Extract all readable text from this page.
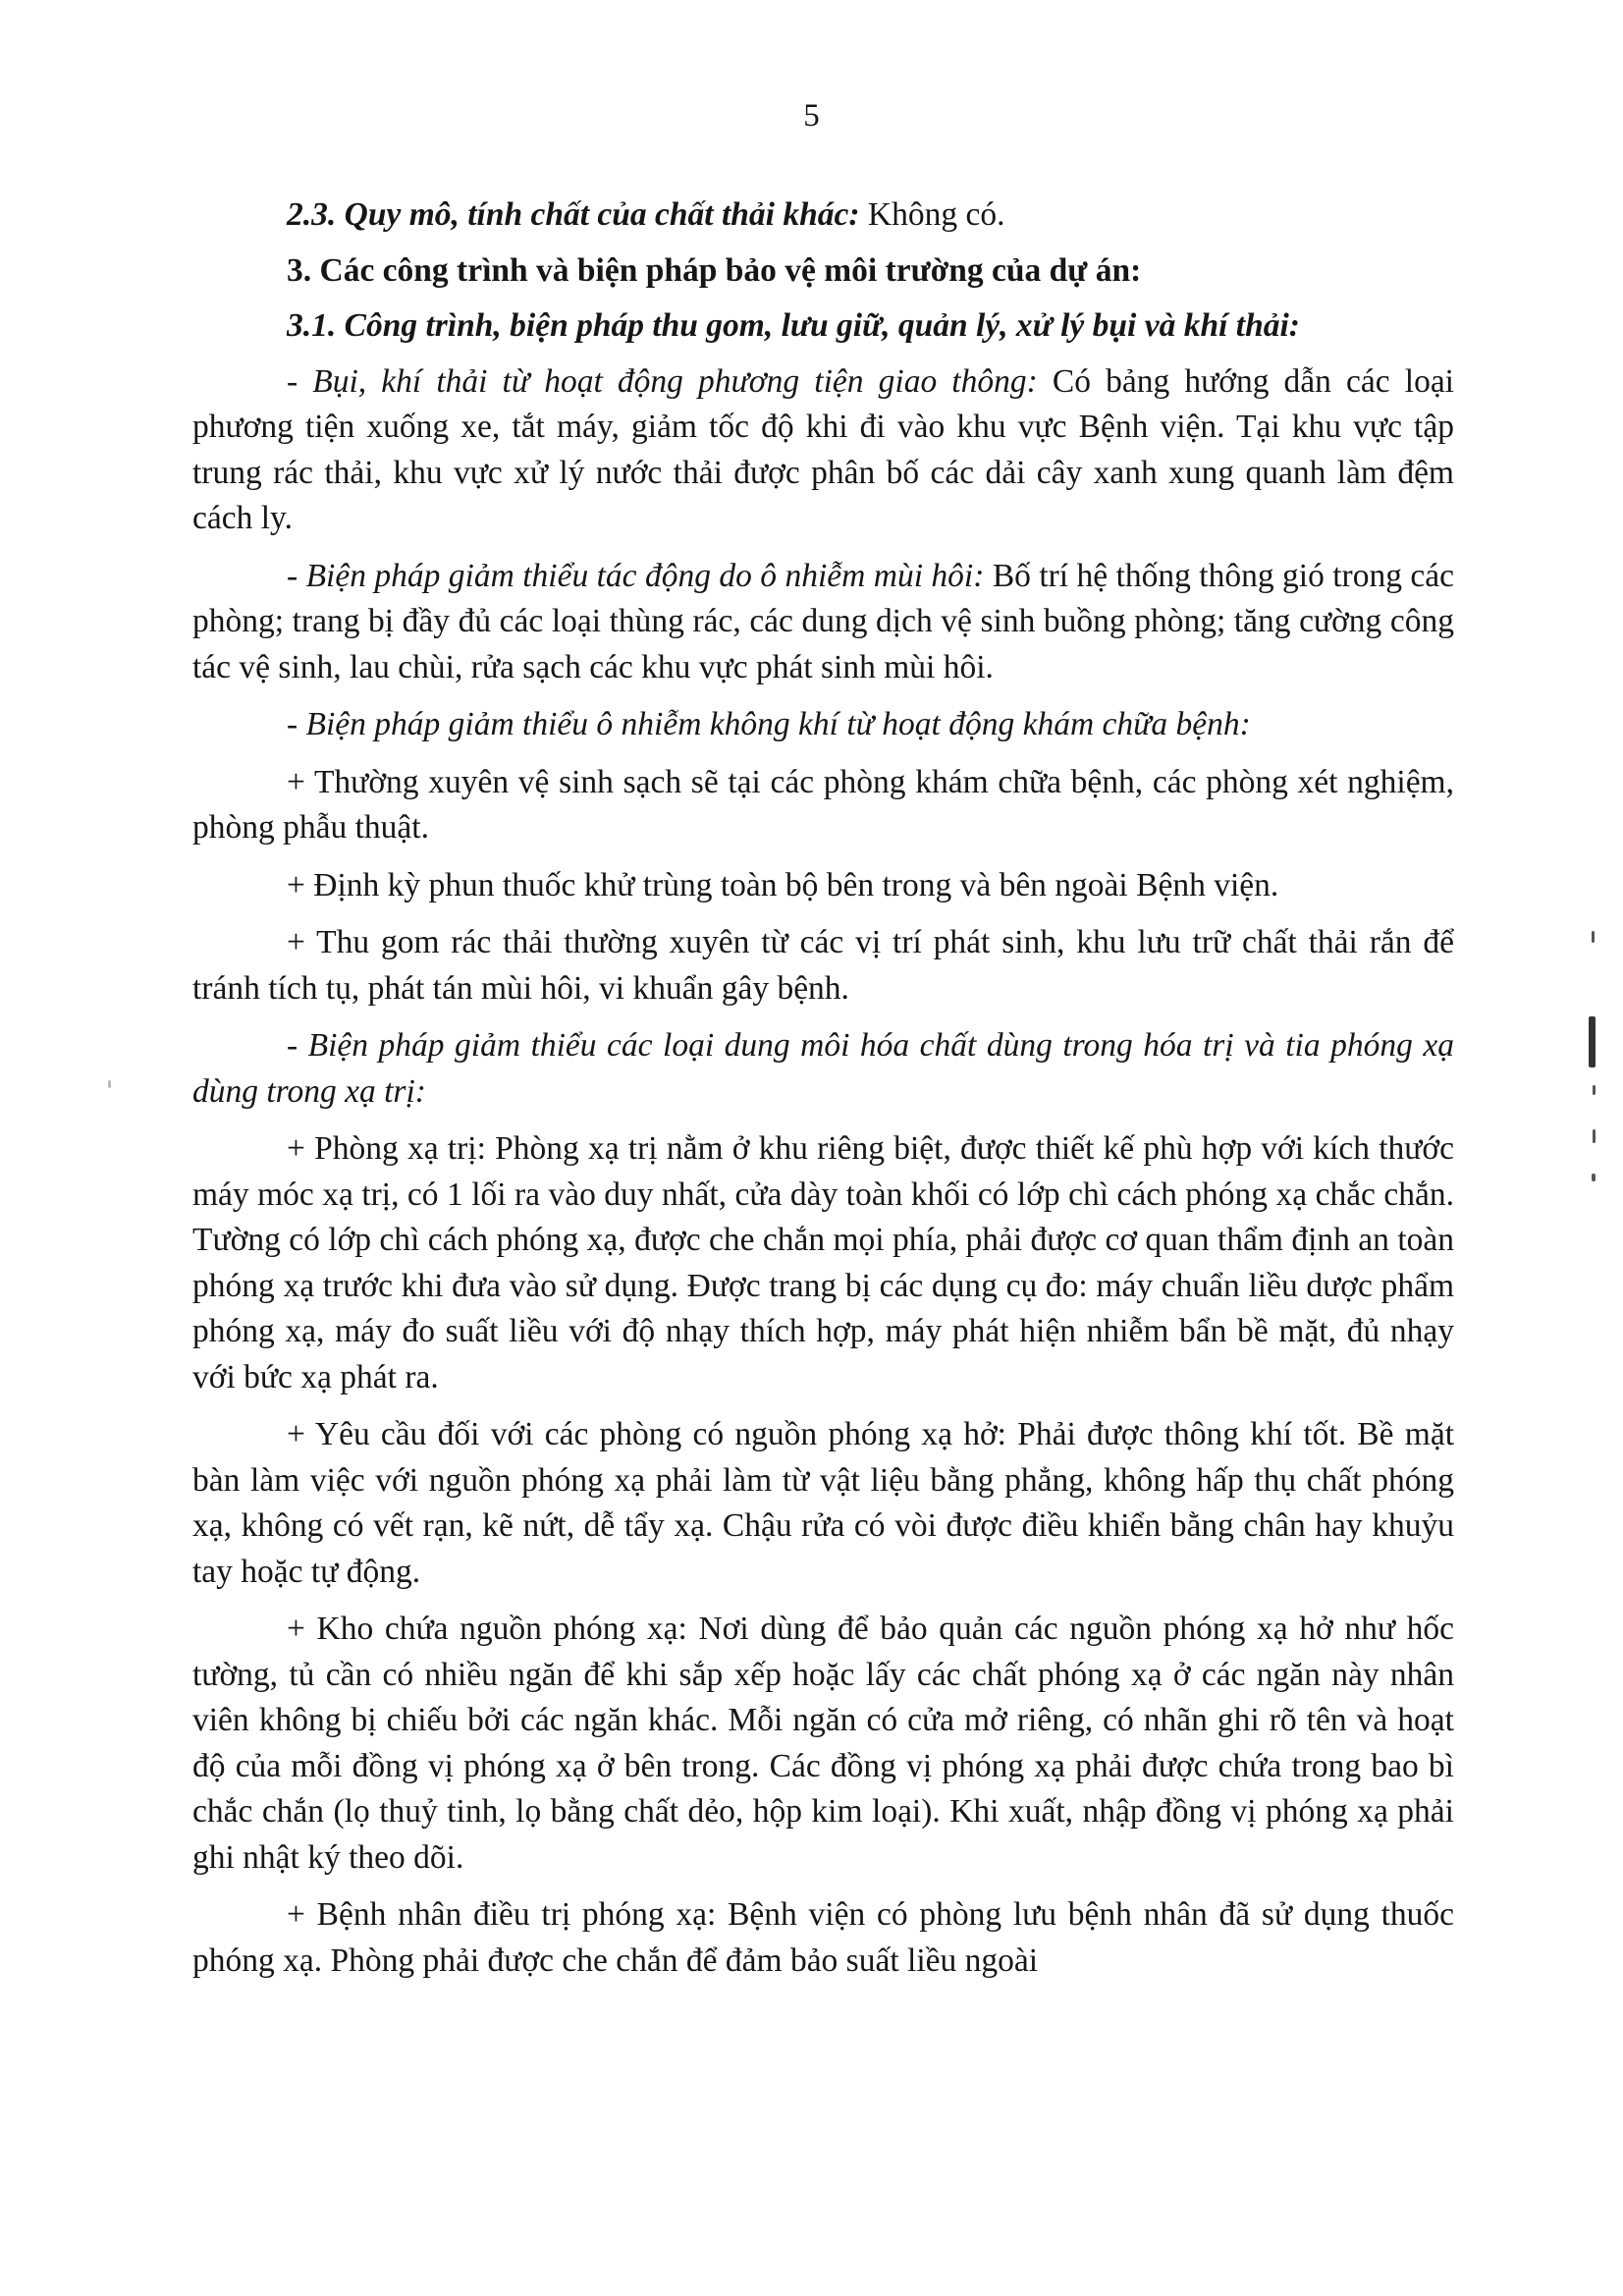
5
2.3. Quy mô, tính chất của chất thải khác: Không có.
3. Các công trình và biện pháp bảo vệ môi trường của dự án:
3.1. Công trình, biện pháp thu gom, lưu giữ, quản lý, xử lý bụi và khí thải:
- Bụi, khí thải từ hoạt động phương tiện giao thông: Có bảng hướng dẫn các loại phương tiện xuống xe, tắt máy, giảm tốc độ khi đi vào khu vực Bệnh viện. Tại khu vực tập trung rác thải, khu vực xử lý nước thải được phân bố các dải cây xanh xung quanh làm đệm cách ly.
- Biện pháp giảm thiểu tác động do ô nhiễm mùi hôi: Bố trí hệ thống thông gió trong các phòng; trang bị đầy đủ các loại thùng rác, các dung dịch vệ sinh buồng phòng; tăng cường công tác vệ sinh, lau chùi, rửa sạch các khu vực phát sinh mùi hôi.
- Biện pháp giảm thiểu ô nhiễm không khí từ hoạt động khám chữa bệnh:
+ Thường xuyên vệ sinh sạch sẽ tại các phòng khám chữa bệnh, các phòng xét nghiệm, phòng phẫu thuật.
+ Định kỳ phun thuốc khử trùng toàn bộ bên trong và bên ngoài Bệnh viện.
+ Thu gom rác thải thường xuyên từ các vị trí phát sinh, khu lưu trữ chất thải rắn để tránh tích tụ, phát tán mùi hôi, vi khuẩn gây bệnh.
- Biện pháp giảm thiểu các loại dung môi hóa chất dùng trong hóa trị và tia phóng xạ dùng trong xạ trị:
+ Phòng xạ trị: Phòng xạ trị nằm ở khu riêng biệt, được thiết kế phù hợp với kích thước máy móc xạ trị, có 1 lối ra vào duy nhất, cửa dày toàn khối có lớp chì cách phóng xạ chắc chắn. Tường có lớp chì cách phóng xạ, được che chắn mọi phía, phải được cơ quan thẩm định an toàn phóng xạ trước khi đưa vào sử dụng. Được trang bị các dụng cụ đo: máy chuẩn liều dược phẩm phóng xạ, máy đo suất liều với độ nhạy thích hợp, máy phát hiện nhiễm bẩn bề mặt, đủ nhạy với bức xạ phát ra.
+ Yêu cầu đối với các phòng có nguồn phóng xạ hở: Phải được thông khí tốt. Bề mặt bàn làm việc với nguồn phóng xạ phải làm từ vật liệu bằng phẳng, không hấp thụ chất phóng xạ, không có vết rạn, kẽ nứt, dễ tẩy xạ. Chậu rửa có vòi được điều khiển bằng chân hay khuỷu tay hoặc tự động.
+ Kho chứa nguồn phóng xạ: Nơi dùng để bảo quản các nguồn phóng xạ hở như hốc tường, tủ cần có nhiều ngăn để khi sắp xếp hoặc lấy các chất phóng xạ ở các ngăn này nhân viên không bị chiếu bởi các ngăn khác. Mỗi ngăn có cửa mở riêng, có nhãn ghi rõ tên và hoạt độ của mỗi đồng vị phóng xạ ở bên trong. Các đồng vị phóng xạ phải được chứa trong bao bì chắc chắn (lọ thuỷ tinh, lọ bằng chất dẻo, hộp kim loại). Khi xuất, nhập đồng vị phóng xạ phải ghi nhật ký theo dõi.
+ Bệnh nhân điều trị phóng xạ: Bệnh viện có phòng lưu bệnh nhân đã sử dụng thuốc phóng xạ. Phòng phải được che chắn để đảm bảo suất liều ngoài
